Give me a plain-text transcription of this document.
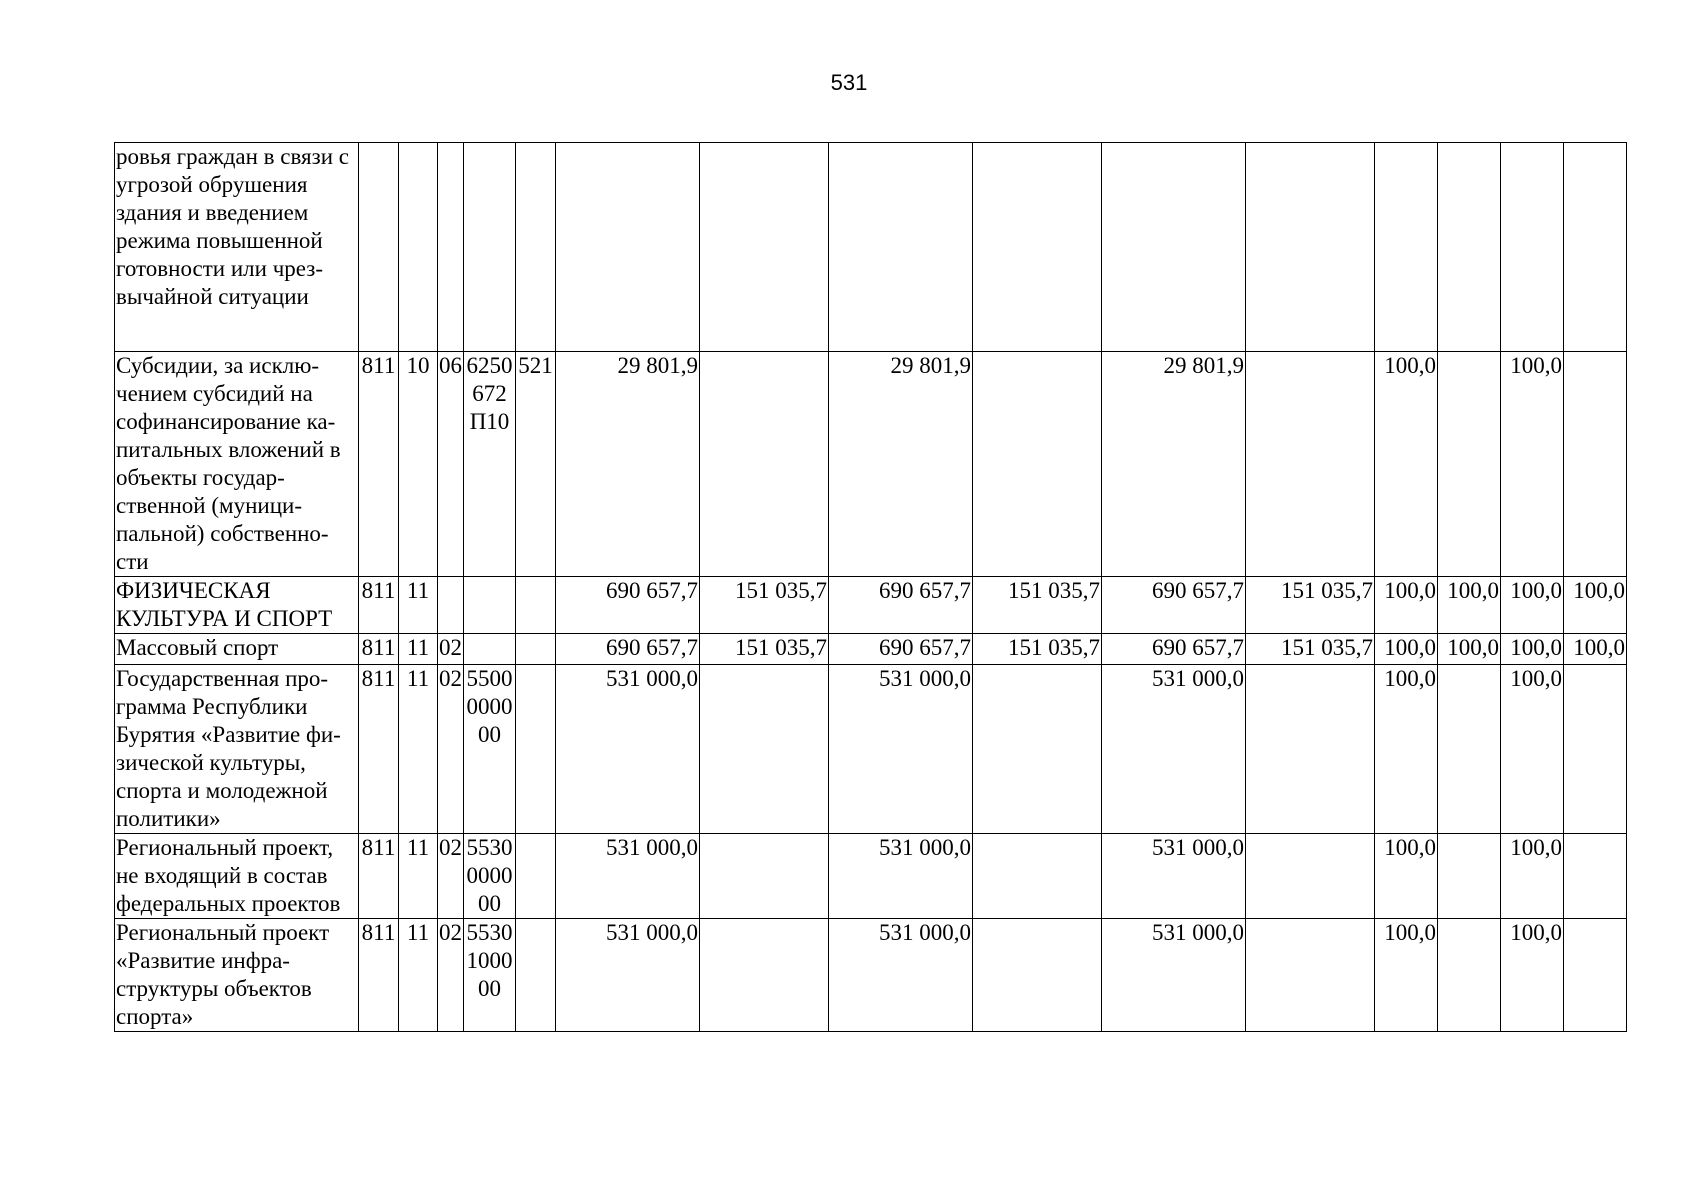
531
ровья граждан в связи с угрозой обрушения здания и введением режима повышенной готовности или чрез-вычайной ситуации															
Субсидии, за исклю-чением субсидий на софинансирование ка-питальных вложений в объекты государ-ственной (муници-пальной) собственно-сти	811	10	06	6250672П10	521	29 801,9		29 801,9		29 801,9		100,0		100,0	
ФИЗИЧЕСКАЯ КУЛЬТУРА И СПОРТ	811	11				690 657,7	151 035,7	690 657,7	151 035,7	690 657,7	151 035,7	100,0	100,0	100,0	100,0
Массовый спорт	811	11	02			690 657,7	151 035,7	690 657,7	151 035,7	690 657,7	151 035,7	100,0	100,0	100,0	100,0
Государственная про-грамма Республики Бурятия «Развитие фи-зической культуры, спорта и молодежной политики»	811	11	02	5500000000		531 000,0		531 000,0		531 000,0		100,0		100,0	
Региональный проект, не входящий в состав федеральных проектов	811	11	02	5530000000		531 000,0		531 000,0		531 000,0		100,0		100,0	
Региональный проект «Развитие инфра-структуры объектов спорта»	811	11	02	5530100000		531 000,0		531 000,0		531 000,0		100,0		100,0	
